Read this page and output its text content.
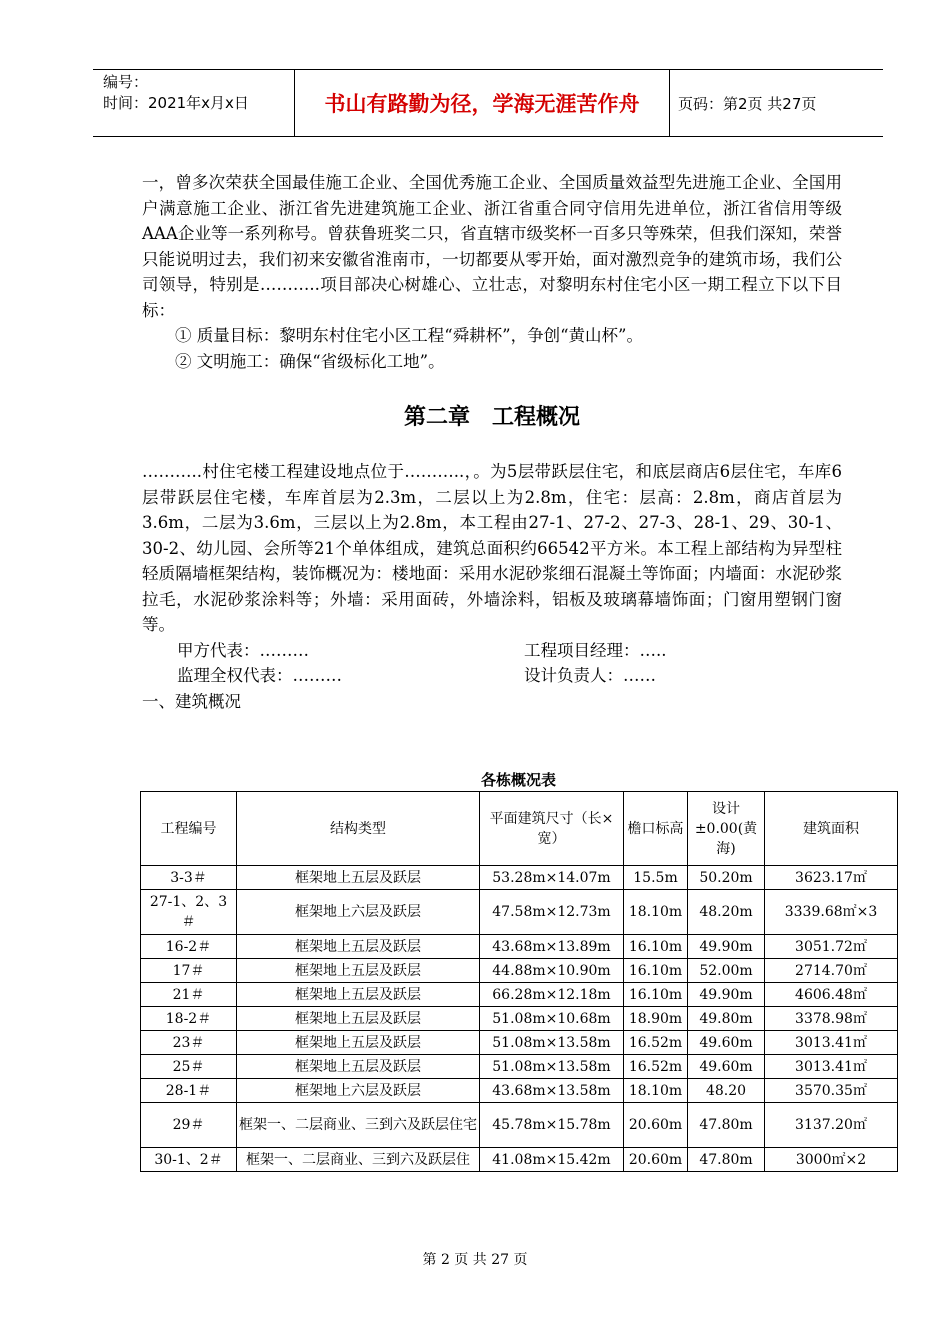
编号：
时间：2021年x月x日	书山有路勤为径，学海无涯苦作舟	页码：第2页 共27页

一，曾多次荣获全国最佳施工企业、全国优秀施工企业、全国质量效益型先进施工企业、全国用户满意施工企业、浙江省先进建筑施工企业、浙江省重合同守信用先进单位，浙江省信用等级AAA企业等一系列称号。曾获鲁班奖二只，省直辖市级奖杯一百多只等殊荣，但我们深知，荣誉只能说明过去，我们初来安徽省淮南市，一切都要从零开始，面对激烈竞争的建筑市场，我们公司领导，特别是………..项目部决心树雄心、立壮志，对黎明东村住宅小区一期工程立下以下目标：

① 质量目标：黎明东村住宅小区工程“舜耕杯”，争创“黄山杯”。

② 文明施工：确保“省级标化工地”。

第二章　工程概况

………..村住宅楼工程建设地点位于………..，。为5层带跃层住宅，和底层商店6层住宅，车库6层带跃层住宅楼，车库首层为2.3m，二层以上为2.8m，住宅：层高：2.8m，商店首层为3.6m，二层为3.6m，三层以上为2.8m，本工程由27-1、27-2、27-3、28-1、29、30-1、30-2、幼儿园、会所等21个单体组成，建筑总面积约66542平方米。本工程上部结构为异型柱轻质隔墙框架结构，装饰概况为：楼地面：采用水泥砂浆细石混凝土等饰面；内墙面：水泥砂浆拉毛，水泥砂浆涂料等；外墙：采用面砖，外墙涂料，铝板及玻璃幕墙饰面；门窗用塑钢门窗等。

甲方代表：………	工程项目经理：…..
监理全权代表：………	设计负责人：……

一、建筑概况

各栋概况表
工程编号	结构类型	平面建筑尺寸（长×宽）	檐口标高	设计±0.00(黄海)	建筑面积
3-3＃	框架地上五层及跃层	53.28m×14.07m	15.5m	50.20m	3623.17㎡
27-1、2、3＃	框架地上六层及跃层	47.58m×12.73m	18.10m	48.20m	3339.68㎡×3
16-2＃	框架地上五层及跃层	43.68m×13.89m	16.10m	49.90m	3051.72㎡
17＃	框架地上五层及跃层	44.88m×10.90m	16.10m	52.00m	2714.70㎡
21＃	框架地上五层及跃层	66.28m×12.18m	16.10m	49.90m	4606.48㎡
18-2＃	框架地上五层及跃层	51.08m×10.68m	18.90m	49.80m	3378.98㎡
23＃	框架地上五层及跃层	51.08m×13.58m	16.52m	49.60m	3013.41㎡
25＃	框架地上五层及跃层	51.08m×13.58m	16.52m	49.60m	3013.41㎡
28-1＃	框架地上六层及跃层	43.68m×13.58m	18.10m	48.20	3570.35㎡
29＃	框架一、二层商业、三到六及跃层住宅	45.78m×15.78m	20.60m	47.80m	3137.20㎡
30-1、2＃	框架一、二层商业、三到六及跃层住	41.08m×15.42m	20.60m	47.80m	3000㎡×2
第 2 页 共 27 页
